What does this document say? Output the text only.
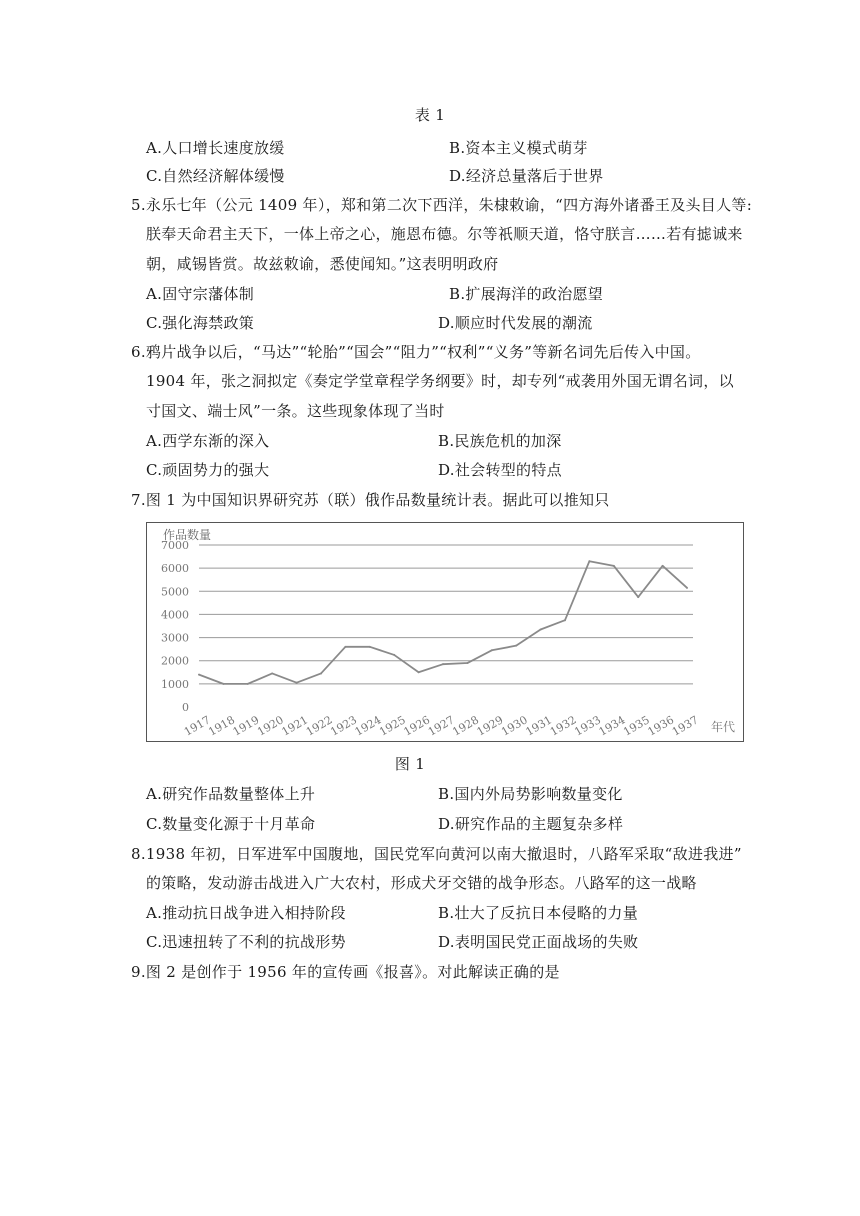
表 1
A.人口增长速度放缓	B.资本主义模式萌芽
C.自然经济解体缓慢	D.经济总量落后于世界
5.永乐七年（公元 1409 年），郑和第二次下西洋，朱棣敕谕，“四方海外诸番王及头目人等:
朕奉天命君主天下，一体上帝之心，施恩布德。尔等祇顺天道，恪守朕言……若有摅诚来
朝，咸锡皆赏。故兹敕谕，悉使闻知。”这表明明政府
A.固守宗藩体制	B.扩展海洋的政治愿望
C.强化海禁政策	D.顺应时代发展的潮流
6.鸦片战争以后，“马达”“轮胎”“国会”“阻力”“权利”“义务”等新名词先后传入中国。
1904 年，张之洞拟定《奏定学堂章程学务纲要》时，却专列“戒袭用外国无谓名词，以
寸国文、端士风”一条。这些现象体现了当时
A.西学东渐的深入	B.民族危机的加深
C.顽固势力的强大	D.社会转型的特点
7.图 1 为中国知识界研究苏（联）俄作品数量统计表。据此可以推知只
作品数量
7000
6000
5000
4000
3000
2000
1000
0
1917
1918
1919
1920
1921
1922
1923
1924
1925
1926
1927
1928
1929
1930
1931
1932
1933
1934
1935
1936
1937 年代
图 1
A.研究作品数量整体上升	B.国内外局势影响数量变化
C.数量变化源于十月革命	D.研究作品的主题复杂多样
8.1938 年初，日军进军中国腹地，国民党军向黄河以南大撤退时，八路军采取“敌进我进”
的策略，发动游击战进入广大农村，形成犬牙交错的战争形态。八路军的这一战略
A.推动抗日战争进入相持阶段	B.壮大了反抗日本侵略的力量
C.迅速扭转了不利的抗战形势	D.表明国民党正面战场的失败
9.图 2 是创作于 1956 年的宣传画《报喜》。对此解读正确的是
